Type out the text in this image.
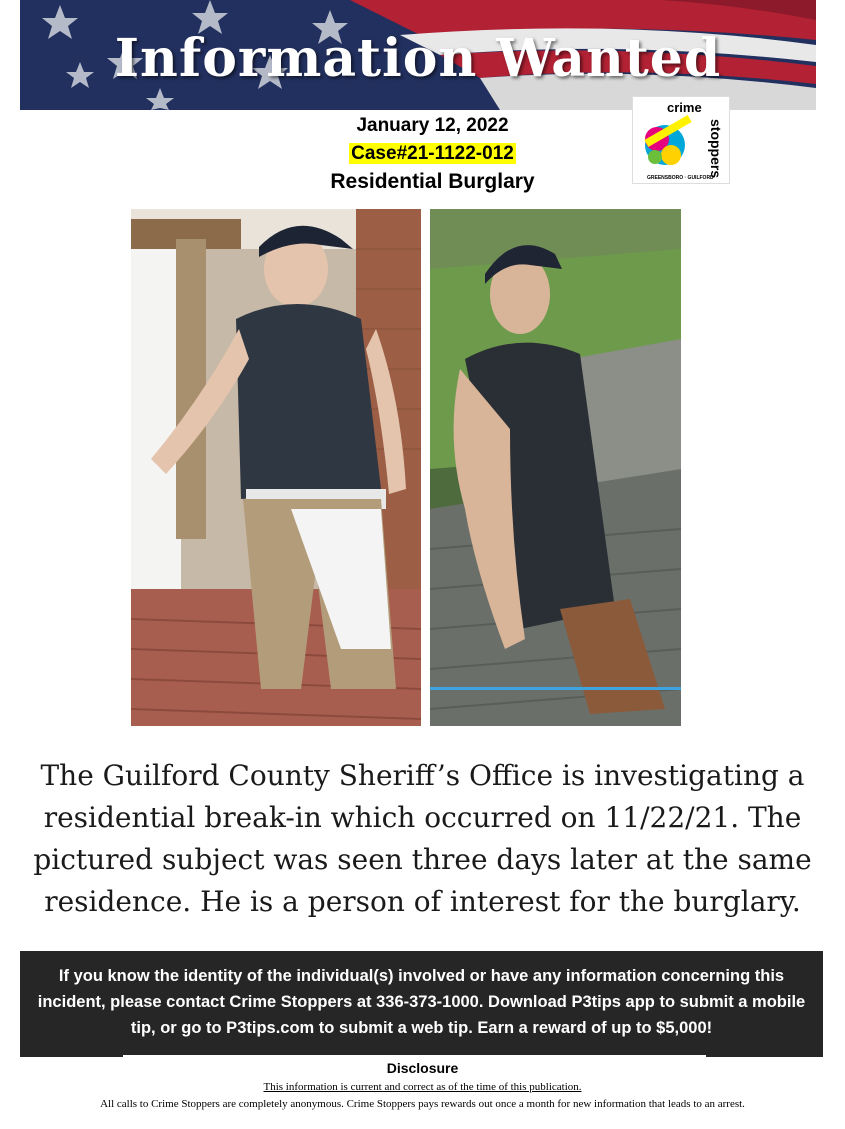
Information Wanted
January 12, 2022
Case#21-1122-012
Residential Burglary
crime
stoppers
GREENSBORO · GUILFORD
The Guilford County Sheriff’s Office is investigating a residential break-in which occurred on 11/22/21. The pictured subject was seen three days later at the same residence. He is a person of interest for the burglary.
If you know the identity of the individual(s) involved or have any information concerning this incident, please contact Crime Stoppers at 336-373-1000. Download P3tips app to submit a mobile tip, or go to P3tips.com to submit a web tip. Earn a reward of up to $5,000!
Disclosure
This information is current and correct as of the time of this publication.
All calls to Crime Stoppers are completely anonymous. Crime Stoppers pays rewards out once a month for new information that leads to an arrest.
